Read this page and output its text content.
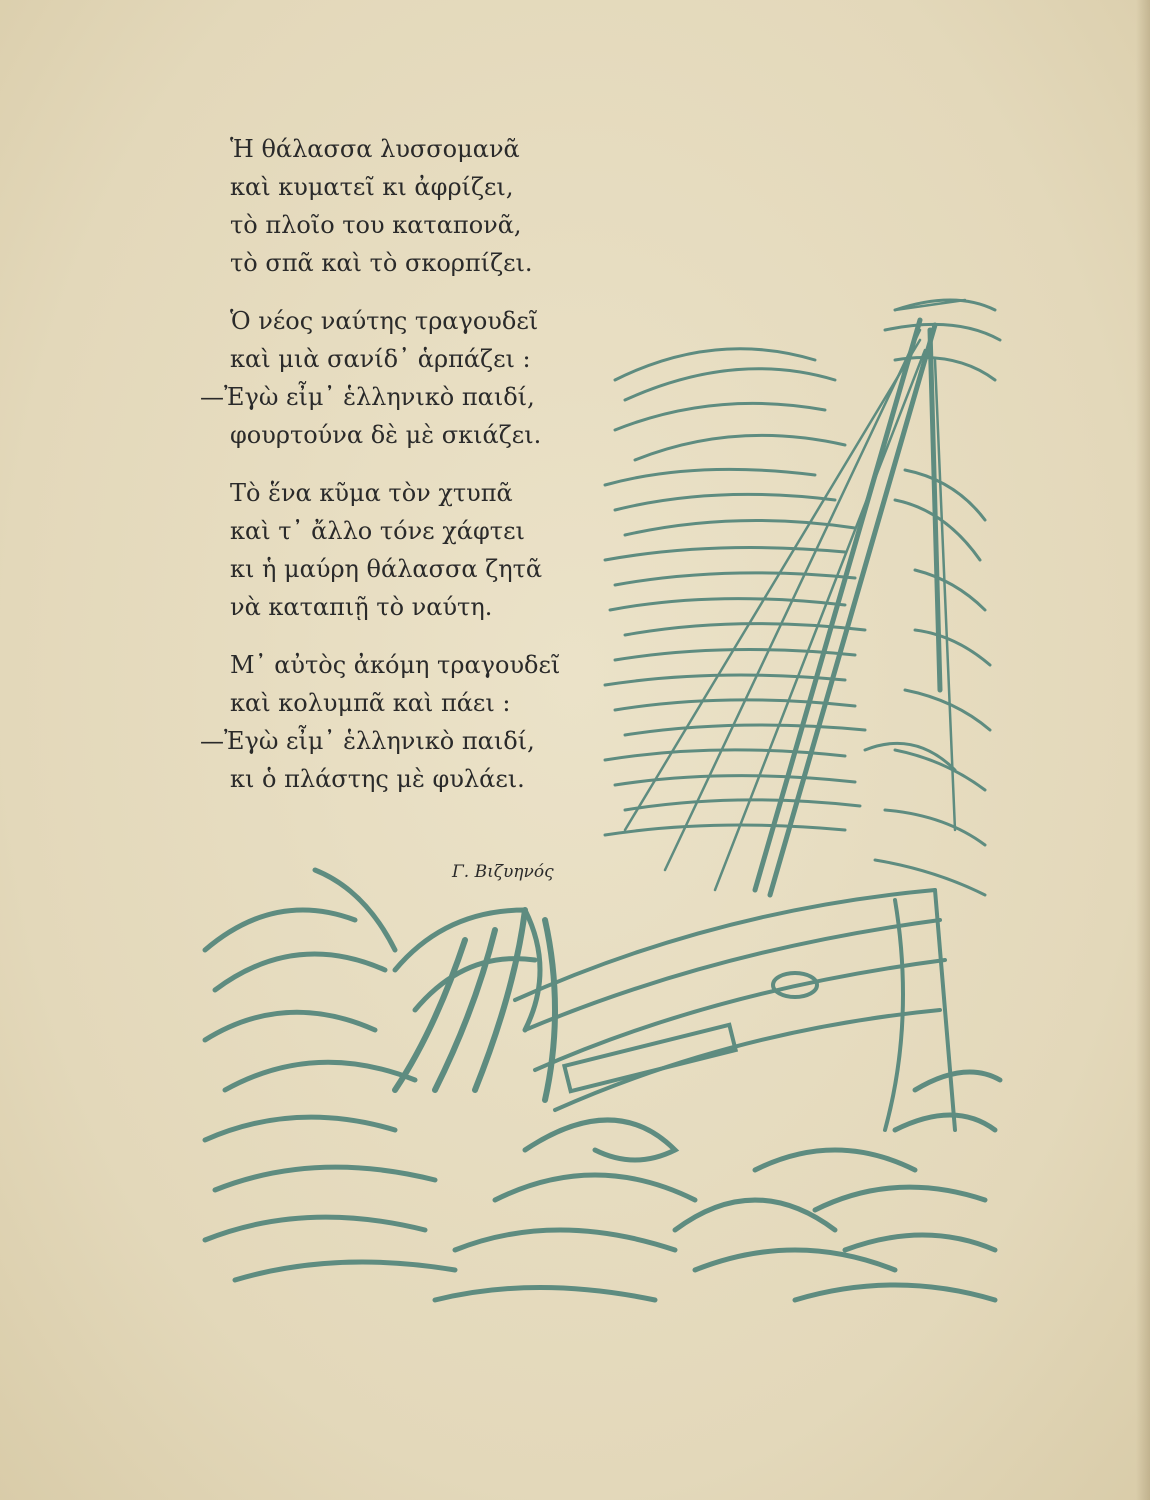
Ἡ θάλασσα λυσσομανᾶ
καὶ κυματεῖ κι ἀφρίζει,
τὸ πλοῖο του καταπονᾶ,
τὸ σπᾶ καὶ τὸ σκορπίζει.
Ὁ νέος ναύτης τραγουδεῖ
καὶ μιὰ σανίδ᾽ ἁρπάζει :
—Ἐγὼ εἶμ᾽ ἑλληνικὸ παιδί,
φουρτούνα δὲ μὲ σκιάζει.
Τὸ ἕνα κῦμα τὸν χτυπᾶ
καὶ τ᾽ ἄλλο τόνε χάφτει
κι ἡ μαύρη θάλασσα ζητᾶ
νὰ καταπιῇ τὸ ναύτη.
Μ᾽ αὐτὸς ἀκόμη τραγουδεῖ
καὶ κολυμπᾶ καὶ πάει :
—Ἐγὼ εἶμ᾽ ἑλληνικὸ παιδί,
κι ὁ πλάστης μὲ φυλάει.
Γ. Βιζυηνός
